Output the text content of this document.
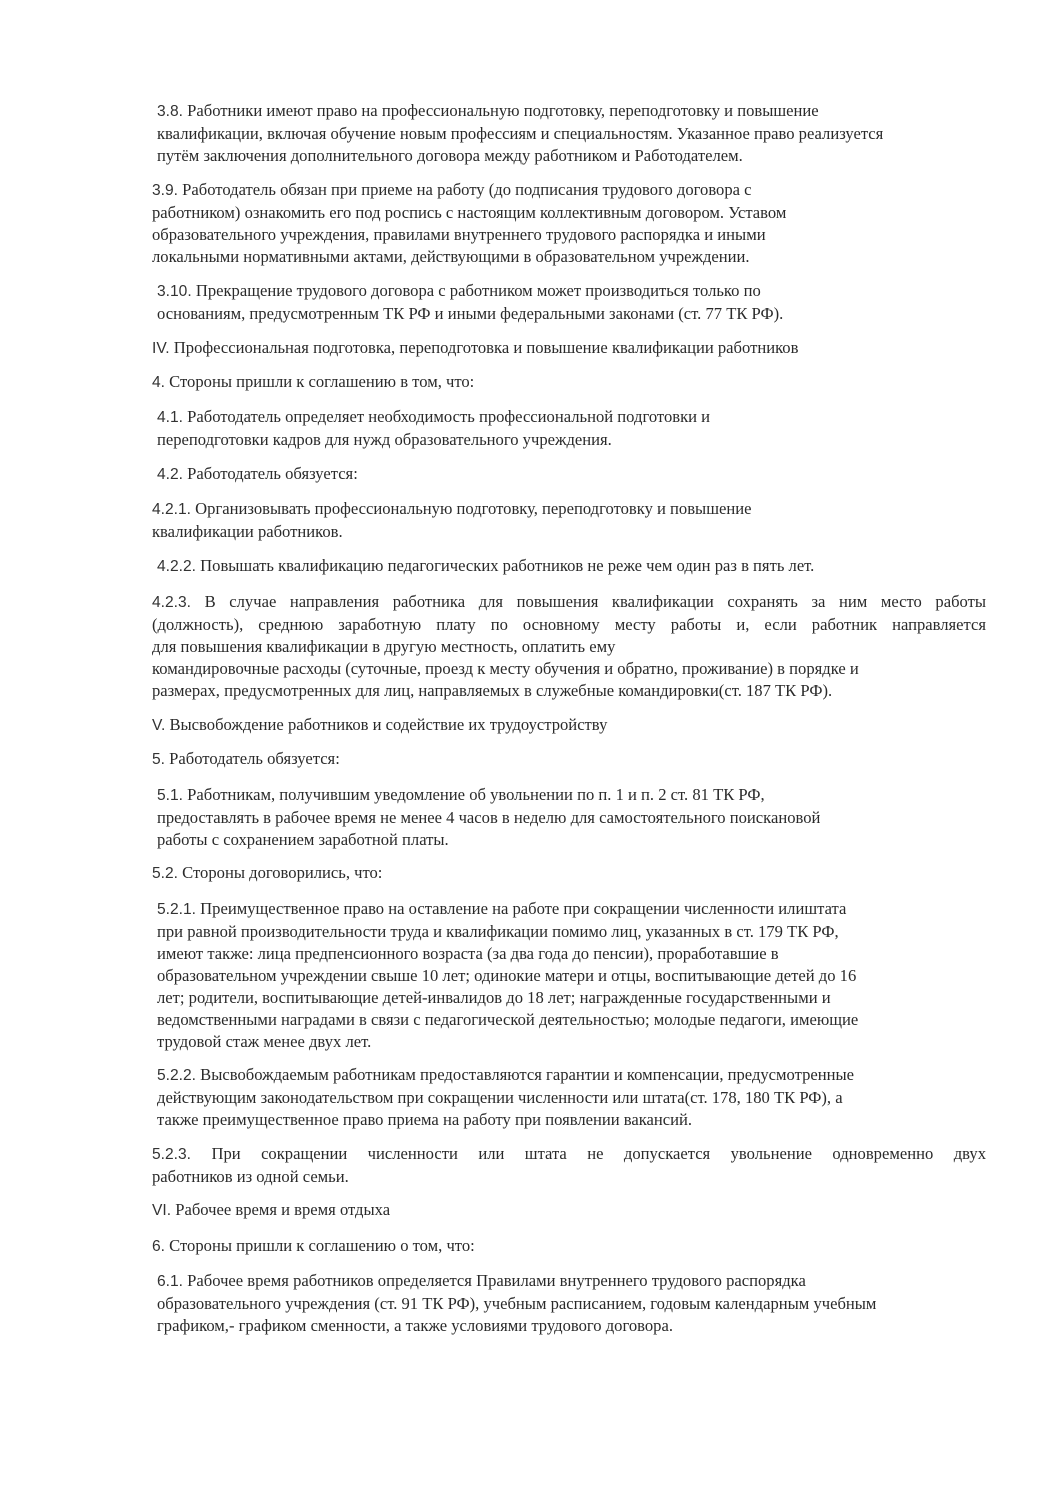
3.8. Работники имеют право на профессиональную подготовку, переподготовку и повышение
квалификации, включая обучение новым профессиям и специальностям. Указанное право реализуется
путём заключения дополнительного договора между работником и Работодателем.

3.9. Работодатель обязан при приеме на работу (до подписания трудового договора с
работником) ознакомить его под роспись с настоящим коллективным договором. Уставом
образовательного учреждения, правилами внутреннего трудового распорядка и иными
локальными нормативными актами, действующими в образовательном учреждении.

3.10. Прекращение трудового договора с работником может производиться только по
основаниям, предусмотренным ТК РФ и иными федеральными законами (ст. 77 ТК РФ).

IV. Профессиональная подготовка, переподготовка и повышение квалификации работников

4. Стороны пришли к соглашению в том, что:

4.1. Работодатель определяет необходимость профессиональной подготовки и
переподготовки кадров для нужд образовательного учреждения.

4.2. Работодатель обязуется:

4.2.1. Организовывать профессиональную подготовку, переподготовку и повышение
квалификации работников.

4.2.2. Повышать квалификацию педагогических работников не реже чем один раз в пять лет.

4.2.3. В случае направления работника для повышения квалификации сохранять за ним место работы
(должность), среднюю заработную плату по основному месту работы и, если работник направляется
для повышения квалификации в другую местность, оплатить ему
командировочные расходы (суточные, проезд к месту обучения и обратно, проживание) в порядке и
размерах, предусмотренных для лиц, направляемых в служебные командировки(ст. 187 ТК РФ).

V. Высвобождение работников и содействие их трудоустройству

5. Работодатель обязуется:

5.1. Работникам, получившим уведомление об увольнении по п. 1 и п. 2 ст. 81 ТК РФ,
предоставлять в рабочее время не менее 4 часов в неделю для самостоятельного поискановой
работы с сохранением заработной платы.

5.2. Стороны договорились, что:

5.2.1. Преимущественное право на оставление на работе при сокращении численности илиштата
при равной производительности труда и квалификации помимо лиц, указанных в ст. 179 ТК РФ,
имеют также: лица предпенсионного возраста (за два года до пенсии), проработавшие в
образовательном учреждении свыше 10 лет; одинокие матери и отцы, воспитывающие детей до 16
лет; родители, воспитывающие детей-инвалидов до 18 лет; награжденные государственными и
ведомственными наградами в связи с педагогической деятельностью; молодые педагоги, имеющие
трудовой стаж менее двух лет.

5.2.2. Высвобождаемым работникам предоставляются гарантии и компенсации, предусмотренные
действующим законодательством при сокращении численности или штата(ст. 178, 180 ТК РФ), а
также преимущественное право приема на работу при появлении вакансий.

5.2.3. При сокращении численности или штата не допускается увольнение одновременно двух
работников из одной семьи.

VI. Рабочее время и время отдыха

6. Стороны пришли к соглашению о том, что:

6.1. Рабочее время работников определяется Правилами внутреннего трудового распорядка
образовательного учреждения (ст. 91 ТК РФ), учебным расписанием, годовым календарным учебным
графиком,- графиком сменности, а также условиями трудового договора.
